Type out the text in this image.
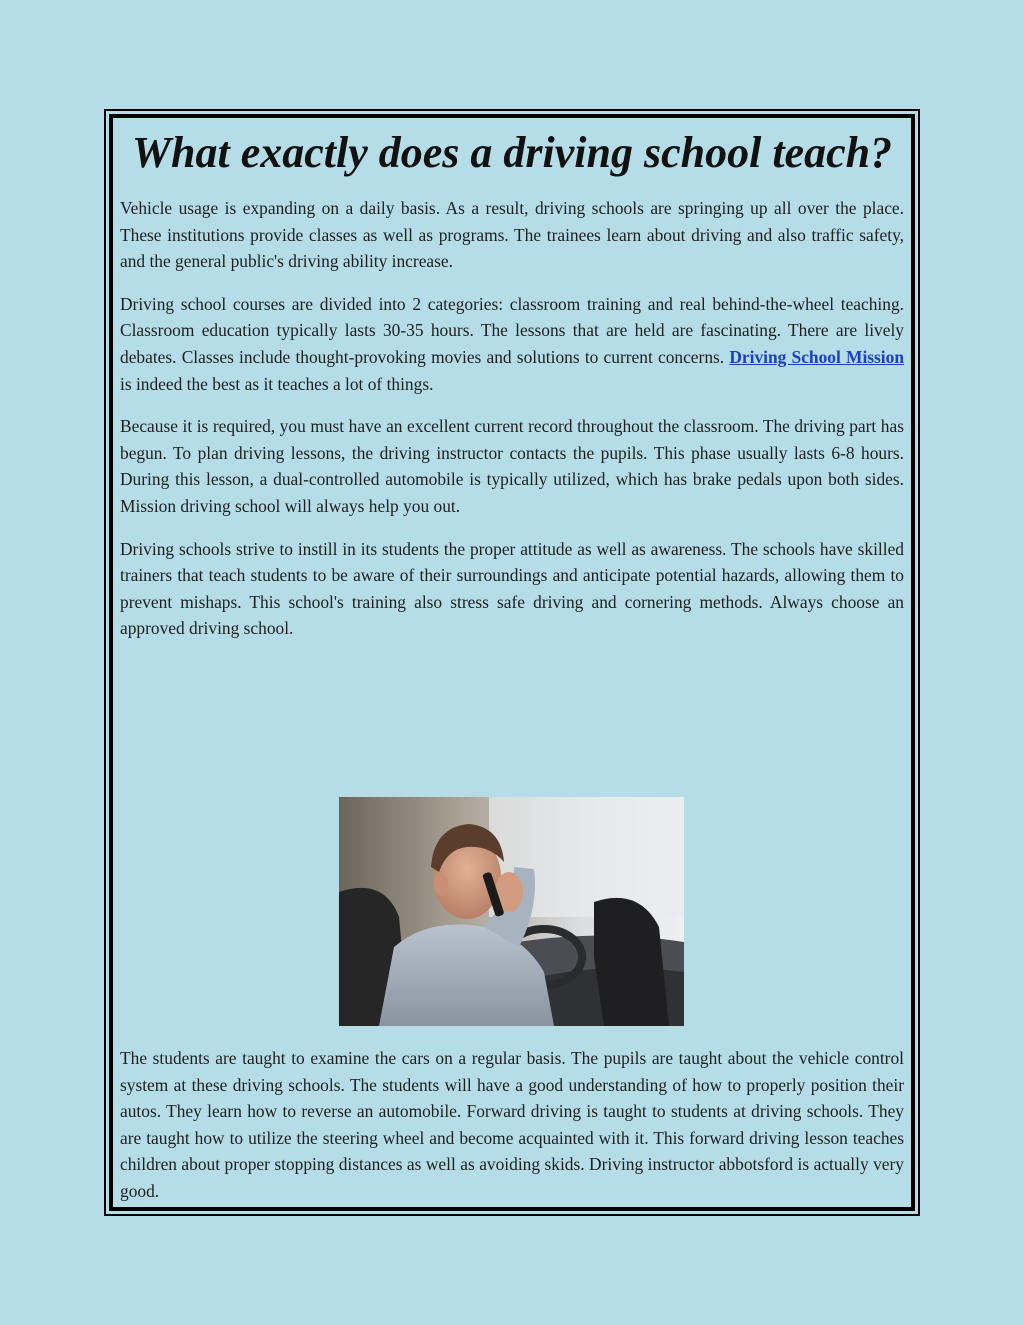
What exactly does a driving school teach?

Vehicle usage is expanding on a daily basis. As a result, driving schools are springing up all over the place. These institutions provide classes as well as programs. The trainees learn about driving and also traffic safety, and the general public's driving ability increase.

Driving school courses are divided into 2 categories: classroom training and real behind-the-wheel teaching. Classroom education typically lasts 30-35 hours. The lessons that are held are fascinating. There are lively debates. Classes include thought-provoking movies and solutions to current concerns. Driving School Mission is indeed the best as it teaches a lot of things.

Because it is required, you must have an excellent current record throughout the classroom. The driving part has begun. To plan driving lessons, the driving instructor contacts the pupils. This phase usually lasts 6-8 hours. During this lesson, a dual-controlled automobile is typically utilized, which has brake pedals upon both sides. Mission driving school will always help you out.

Driving schools strive to instill in its students the proper attitude as well as awareness. The schools have skilled trainers that teach students to be aware of their surroundings and anticipate potential hazards, allowing them to prevent mishaps. This school's training also stress safe driving and cornering methods. Always choose an approved driving school.

The students are taught to examine the cars on a regular basis. The pupils are taught about the vehicle control system at these driving schools. The students will have a good understanding of how to properly position their autos. They learn how to reverse an automobile. Forward driving is taught to students at driving schools. They are taught how to utilize the steering wheel and become acquainted with it. This forward driving lesson teaches children about proper stopping distances as well as avoiding skids. Driving instructor abbotsford is actually very good.
